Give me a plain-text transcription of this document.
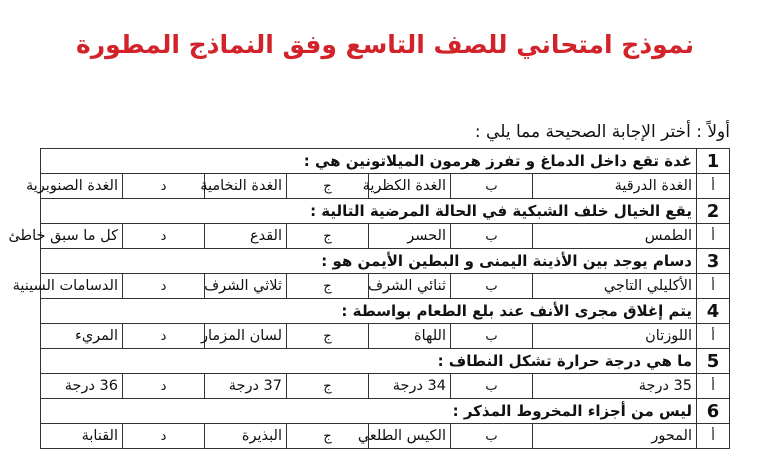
نموذج امتحاني للصف التاسع وفق النماذج المطورة
أولاً : أختر الإجابة الصحيحة مما يلي :
1	غدة تقع داخل الدماغ و تفرز هرمون الميلاتونين هي :						
أ	الغدة الدرقية	ب	الغدة الكظرية	ج	الغدة النخامية	د	الغدة الصنوبرية
2	يقع الخيال خلف الشبكية في الحالة المرضية التالية :						
أ	الطمس	ب	الحسر	ج	القدع	د	كل ما سبق خاطئ
3	دسام يوجد بين الأذينة اليمنى و البطين الأيمن هو :						
أ	الأكليلي التاجي	ب	ثنائي الشرف	ج	ثلاثي الشرف	د	الدسامات السينية
4	يتم إغلاق مجرى الأنف عند بلع الطعام بواسطة :						
أ	اللوزتان	ب	اللهاة	ج	لسان المزمار	د	المريء
5	ما هي درجة حرارة تشكل النطاف :						
أ	35 درجة	ب	34 درجة	ج	37 درجة	د	36 درجة
6	ليس من أجزاء المخروط المذكر :						
أ	المحور	ب	الكيس الطلعي	ج	البذيرة	د	القنابة
